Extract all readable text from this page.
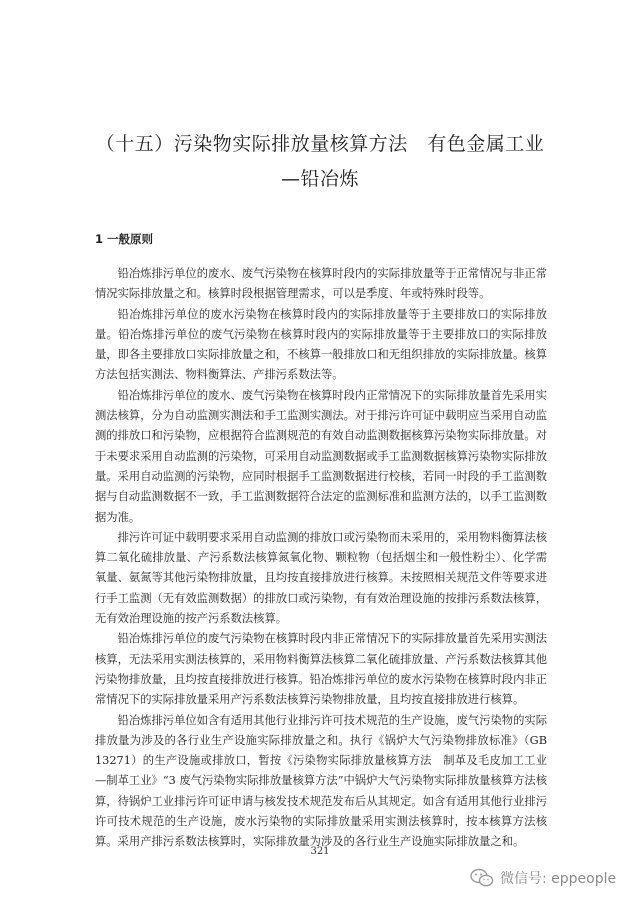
（十五）污染物实际排放量核算方法　有色金属工业
—铅冶炼
1 一般原则

铅冶炼排污单位的废水、废气污染物在核算时段内的实际排放量等于正常情况与非正常情况实际排放量之和。核算时段根据管理需求，可以是季度、年或特殊时段等。

铅冶炼排污单位的废水污染物在核算时段内的实际排放量等于主要排放口的实际排放量。铅冶炼排污单位的废气污染物在核算时段内的实际排放量等于主要排放口的实际排放量，即各主要排放口实际排放量之和，不核算一般排放口和无组织排放的实际排放量。核算方法包括实测法、物料衡算法、产排污系数法等。

铅冶炼排污单位的废水、废气污染物在核算时段内正常情况下的实际排放量首先采用实测法核算，分为自动监测实测法和手工监测实测法。对于排污许可证中载明应当采用自动监测的排放口和污染物，应根据符合监测规范的有效自动监测数据核算污染物实际排放量。对于未要求采用自动监测的污染物，可采用自动监测数据或手工监测数据核算污染物实际排放量。采用自动监测的污染物，应同时根据手工监测数据进行校核，若同一时段的手工监测数据与自动监测数据不一致，手工监测数据符合法定的监测标准和监测方法的，以手工监测数据为准。

排污许可证中载明要求采用自动监测的排放口或污染物而未采用的，采用物料衡算法核算二氧化硫排放量、产污系数法核算氮氧化物、颗粒物（包括烟尘和一般性粉尘）、化学需氧量、氨氮等其他污染物排放量，且均按直接排放进行核算。未按照相关规范文件等要求进行手工监测（无有效监测数据）的排放口或污染物，有有效治理设施的按排污系数法核算，无有效治理设施的按产污系数法核算。

铅冶炼排污单位的废气污染物在核算时段内非正常情况下的实际排放量首先采用实测法核算，无法采用实测法核算的，采用物料衡算法核算二氧化硫排放量、产污系数法核算其他污染物排放量，且均按直接排放进行核算。铅冶炼排污单位的废水污染物在核算时段内非正常情况下的实际排放量采用产污系数法核算污染物排放量，且均按直接排放进行核算。

铅冶炼排污单位如含有适用其他行业排污许可技术规范的生产设施，废气污染物的实际排放量为涉及的各行业生产设施实际排放量之和。执行《锅炉大气污染物排放标准》（GB 13271）的生产设施或排放口，暂按《污染物实际排放量核算方法　制革及毛皮加工工业—制革工业》“3 废气污染物实际排放量核算方法”中锅炉大气污染物实际排放量核算方法核算，待锅炉工业排污许可证申请与核发技术规范发布后从其规定。如含有适用其他行业排污许可技术规范的生产设施，废水污染物的实际排放量采用实测法核算时，按本核算方法核算。采用产排污系数法核算时，实际排放量为涉及的各行业生产设施实际排放量之和。

321
微信号: eppeople
